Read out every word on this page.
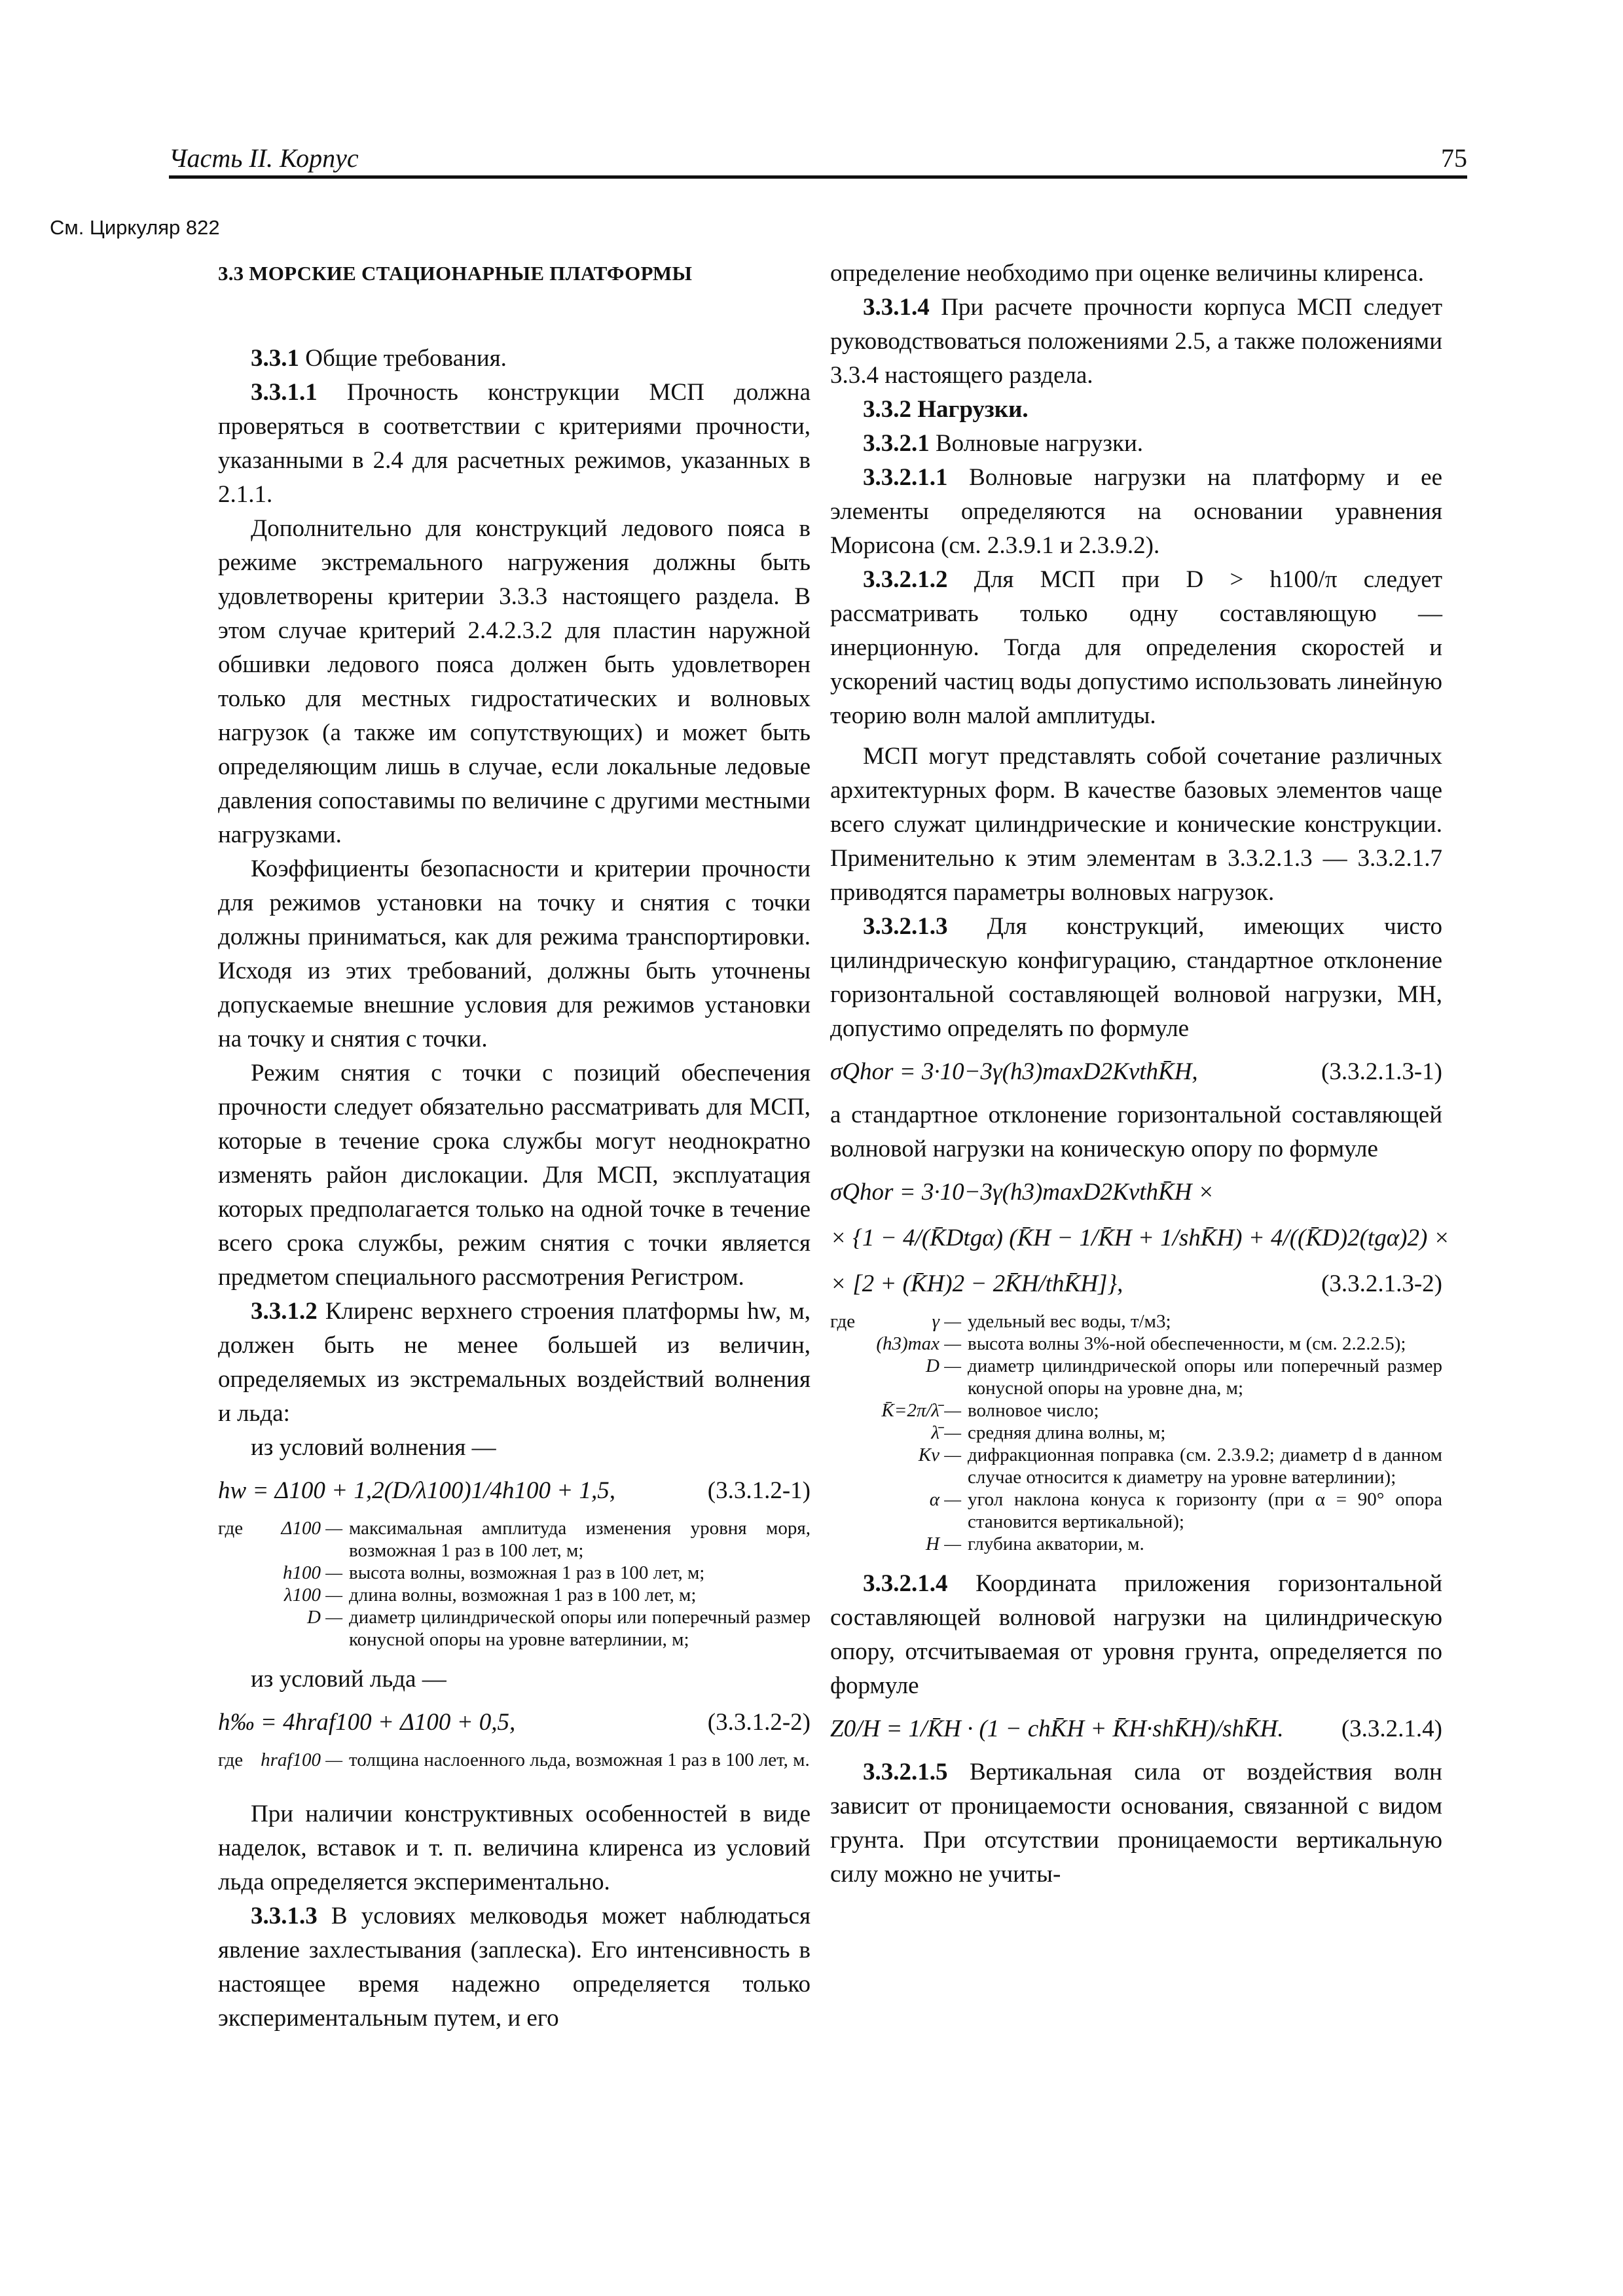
Часть II. Корпус	75
См. Циркуляр 822
3.3 МОРСКИЕ СТАЦИОНАРНЫЕ ПЛАТФОРМЫ

3.3.1 Общие требования.

3.3.1.1 Прочность конструкции МСП должна проверяться в соответствии с критериями прочности, указанными в 2.4 для расчетных режимов, указанных в 2.1.1.

Дополнительно для конструкций ледового пояса в режиме экстремального нагружения должны быть удовлетворены критерии 3.3.3 настоящего раздела. В этом случае критерий 2.4.2.3.2 для пластин наружной обшивки ледового пояса должен быть удовлетворен только для местных гидростатических и волновых нагрузок (а также им сопутствующих) и может быть определяющим лишь в случае, если локальные ледовые давления сопоставимы по величине с другими местными нагрузками.

Коэффициенты безопасности и критерии прочности для режимов установки на точку и снятия с точки должны приниматься, как для режима транспортировки. Исходя из этих требований, должны быть уточнены допускаемые внешние условия для режимов установки на точку и снятия с точки.

Режим снятия с точки с позиций обеспечения прочности следует обязательно рассматривать для МСП, которые в течение срока службы могут неоднократно изменять район дислокации. Для МСП, эксплуатация которых предполагается только на одной точке в течение всего срока службы, режим снятия с точки является предметом специального рассмотрения Регистром.

3.3.1.2 Клиренс верхнего строения платформы hw, м, должен быть не менее большей из величин, определяемых из экстремальных воздействий волнения и льда:

из условий волнения —

hw = Δ100 + 1,2(D/λ100)1/4h100 + 1,5,	(3.3.1.2-1)
где	Δ100 — максимальная амплитуда изменения уровня моря, возможная 1 раз в 100 лет, м;
h100 — высота волны, возможная 1 раз в 100 лет, м;
λ100 — длина волны, возможная 1 раз в 100 лет, м;
D — диаметр цилиндрической опоры или поперечный размер конусной опоры на уровне ватерлинии, м;

из условий льда —

h‰ = 4hraf100 + Δ100 + 0,5,	(3.3.1.2-2)
где hraf100 — толщина наслоенного льда, возможная 1 раз в 100 лет, м.

При наличии конструктивных особенностей в виде наделок, вставок и т. п. величина клиренса из условий льда определяется экспериментально.

3.3.1.3 В условиях мелководья может наблюдаться явление захлестывания (заплеска). Его интенсивность в настоящее время надежно определяется только экспериментальным путем, и его

определение необходимо при оценке величины клиренса.

3.3.1.4 При расчете прочности корпуса МСП следует руководствоваться положениями 2.5, а также положениями 3.3.4 настоящего раздела.

3.3.2 Нагрузки.

3.3.2.1 Волновые нагрузки.

3.3.2.1.1 Волновые нагрузки на платформу и ее элементы определяются на основании уравнения Морисона (см. 2.3.9.1 и 2.3.9.2).

3.3.2.1.2 Для МСП при D > h100/π следует рассматривать только одну составляющую — инерционную. Тогда для определения скоростей и ускорений частиц воды допустимо использовать линейную теорию волн малой амплитуды.

МСП могут представлять собой сочетание различных архитектурных форм. В качестве базовых элементов чаще всего служат цилиндрические и конические конструкции. Применительно к этим элементам в 3.3.2.1.3 — 3.3.2.1.7 приводятся параметры волновых нагрузок.

3.3.2.1.3 Для конструкций, имеющих чисто цилиндрическую конфигурацию, стандартное отклонение горизонтальной составляющей волновой нагрузки, МН, допустимо определять по формуле

σQhor = 3·10−3γ(h3)maxD2KvthK̄H,	(3.3.2.1.3-1)

а стандартное отклонение горизонтальной составляющей волновой нагрузки на коническую опору по формуле

σQhor = 3·10−3γ(h3)maxD2KvthK̄H ×
× {1 − 4/(K̄Dtgα) (K̄H − 1/K̄H + 1/shK̄H) + 4/((K̄D)2(tgα)2) ×
× [2 + (K̄H)2 − 2K̄H/thK̄H]},	(3.3.2.1.3-2)
где	γ — удельный вес воды, т/м3;
(h3)max — высота волны 3%-ной обеспеченности, м (см. 2.2.2.5);
D — диаметр цилиндрической опоры или поперечный размер конусной опоры на уровне дна, м;
K̄=2π/λ̄ — волновое число;
λ̄ — средняя длина волны, м;
Kv — дифракционная поправка (см. 2.3.9.2; диаметр d в данном случае относится к диаметру на уровне ватерлинии);
α — угол наклона конуса к горизонту (при α = 90° опора становится вертикальной);
H — глубина акватории, м.

3.3.2.1.4 Координата приложения горизонтальной составляющей волновой нагрузки на цилиндрическую опору, отсчитываемая от уровня грунта, определяется по формуле

Z0/H = 1/K̄H · (1 − chK̄H + K̄H·shK̄H)/shK̄H. (3.3.2.1.4)

3.3.2.1.5 Вертикальная сила от воздействия волн зависит от проницаемости основания, связанной с видом грунта. При отсутствии проницаемости вертикальную силу можно не учиты-
